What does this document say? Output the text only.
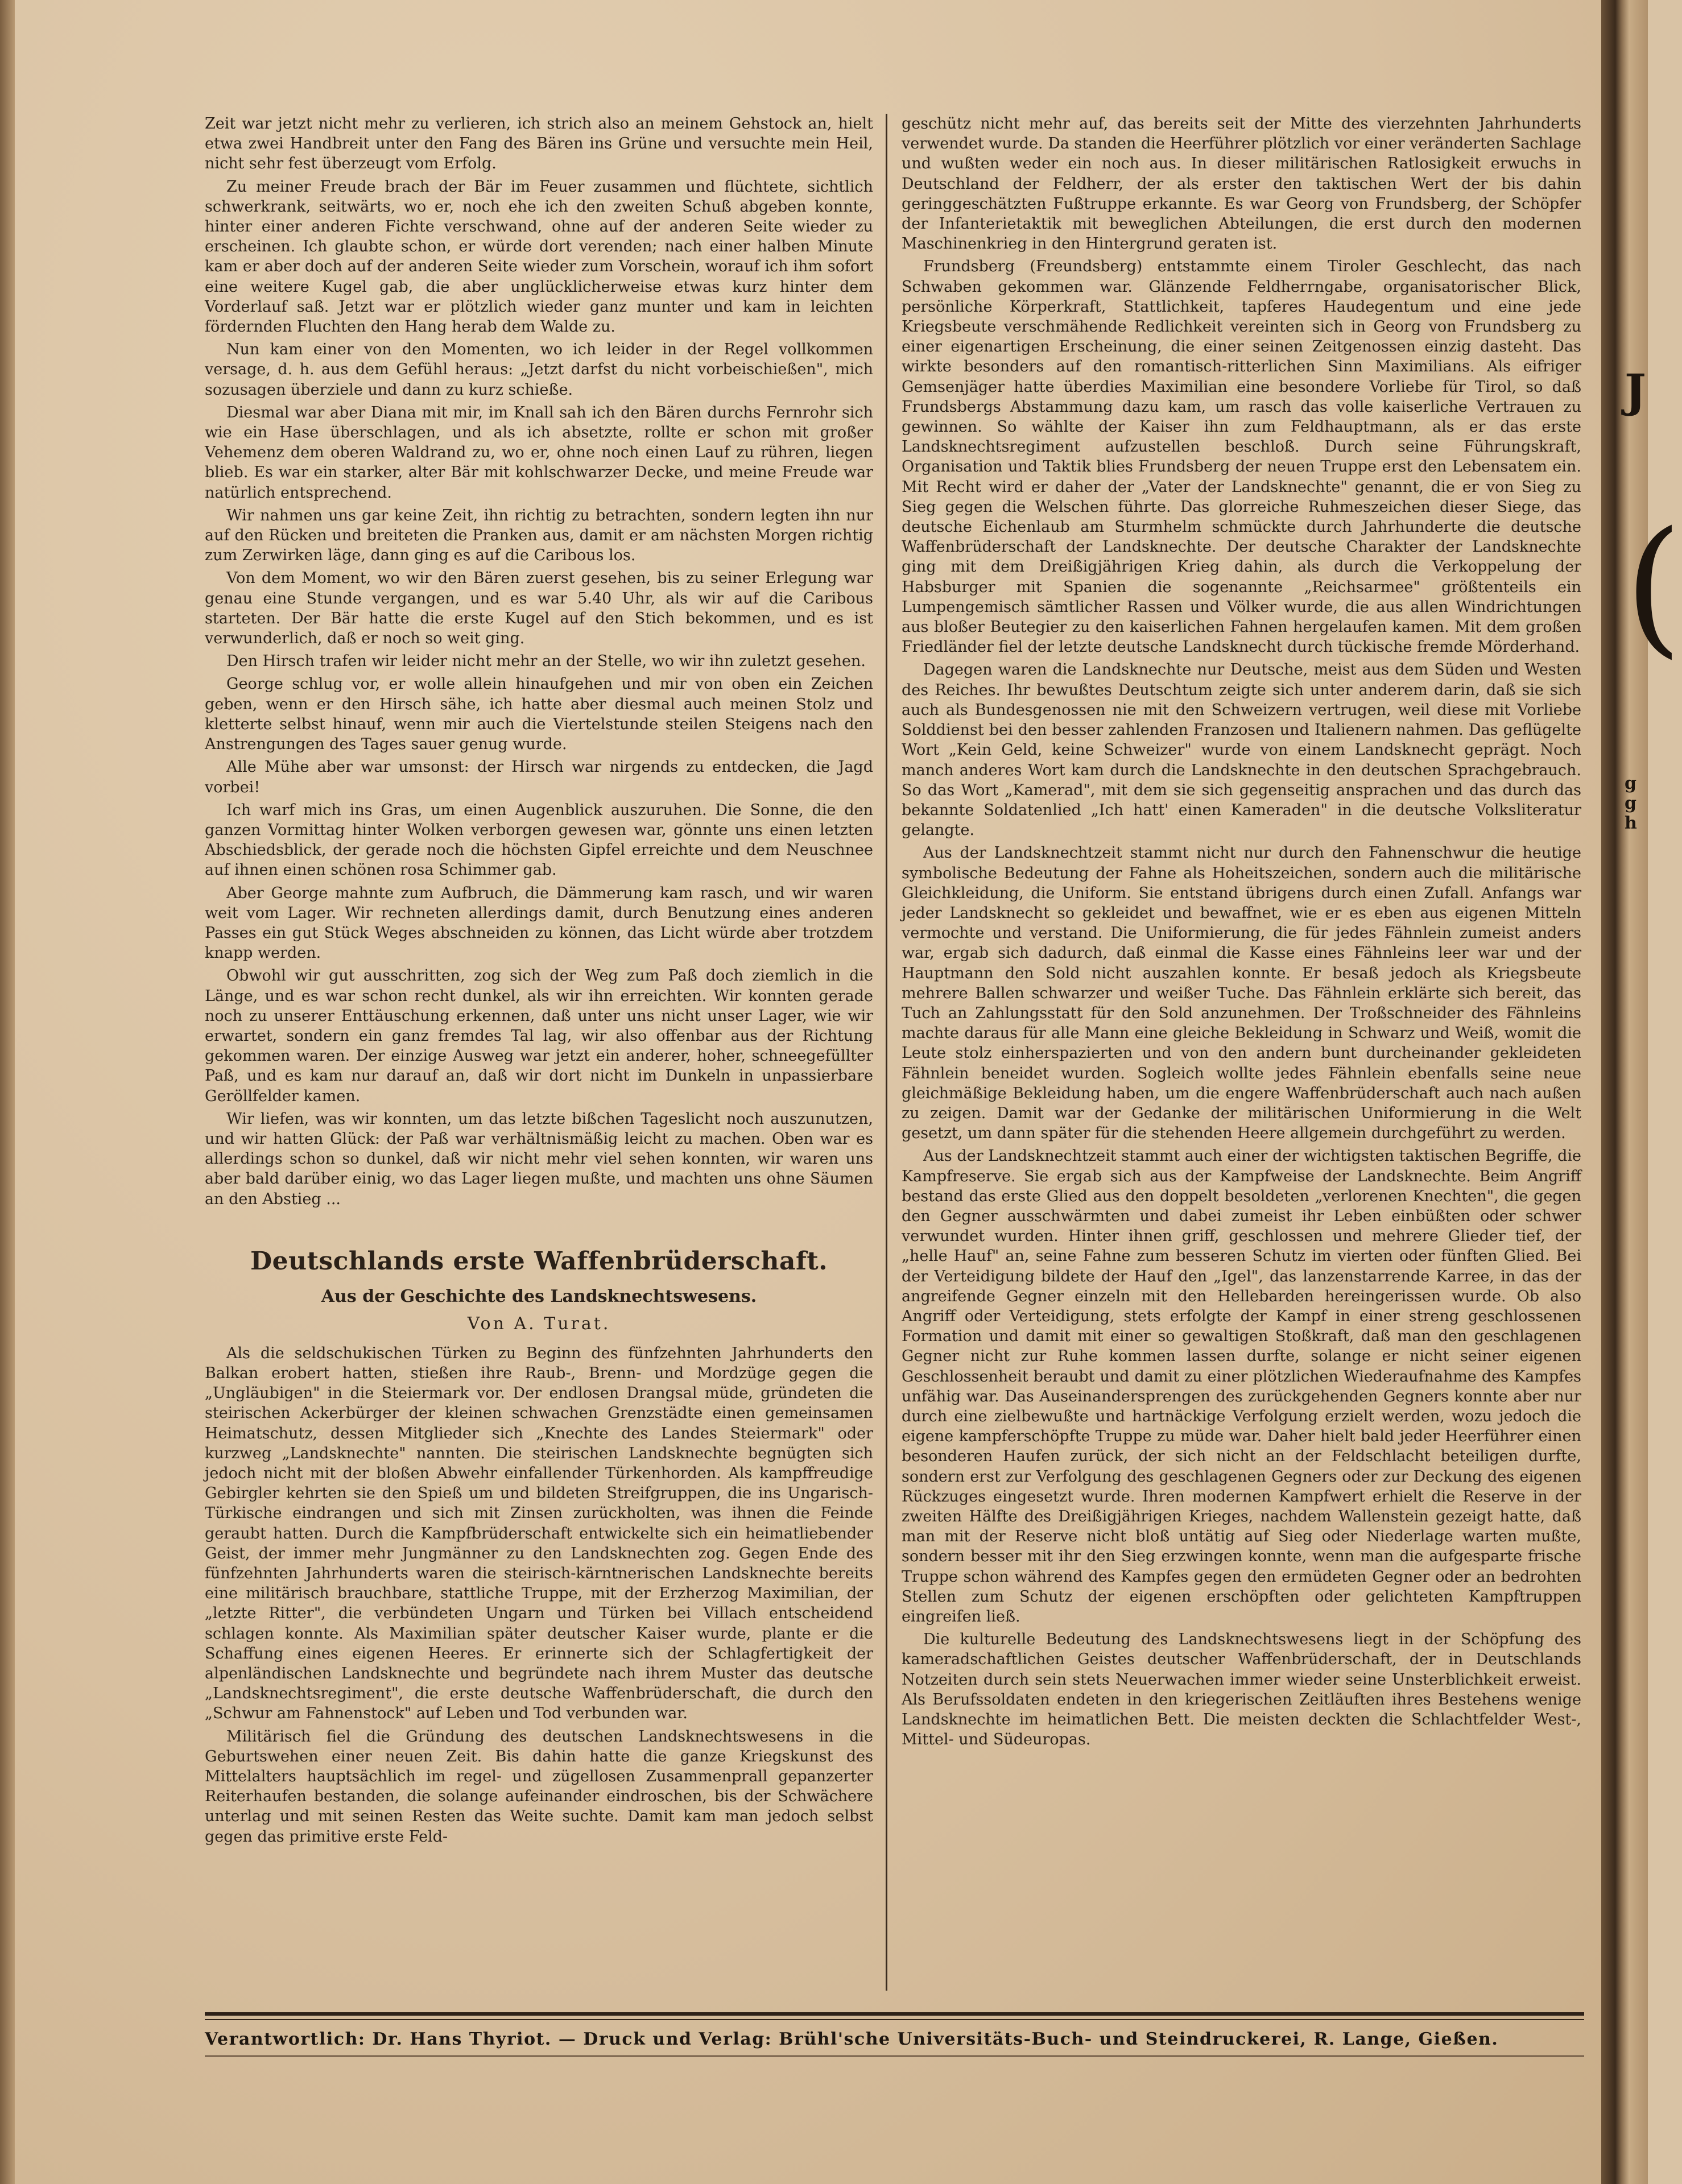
J
(
g
g
h

Zeit war jetzt nicht mehr zu verlieren, ich strich also an meinem Gehstock an, hielt etwa zwei Handbreit unter den Fang des Bären ins Grüne und versuchte mein Heil, nicht sehr fest überzeugt vom Erfolg.

Zu meiner Freude brach der Bär im Feuer zusammen und flüchtete, sichtlich schwerkrank, seitwärts, wo er, noch ehe ich den zweiten Schuß abgeben konnte, hinter einer anderen Fichte verschwand, ohne auf der anderen Seite wieder zu erscheinen. Ich glaubte schon, er würde dort verenden; nach einer halben Minute kam er aber doch auf der anderen Seite wieder zum Vorschein, worauf ich ihm sofort eine weitere Kugel gab, die aber unglücklicherweise etwas kurz hinter dem Vorderlauf saß. Jetzt war er plötzlich wieder ganz munter und kam in leichten fördernden Fluchten den Hang herab dem Walde zu.

Nun kam einer von den Momenten, wo ich leider in der Regel vollkommen versage, d. h. aus dem Gefühl heraus: „Jetzt darfst du nicht vorbeischießen", mich sozusagen überziele und dann zu kurz schieße.

Diesmal war aber Diana mit mir, im Knall sah ich den Bären durchs Fernrohr sich wie ein Hase überschlagen, und als ich absetzte, rollte er schon mit großer Vehemenz dem oberen Waldrand zu, wo er, ohne noch einen Lauf zu rühren, liegen blieb. Es war ein starker, alter Bär mit kohlschwarzer Decke, und meine Freude war natürlich entsprechend.

Wir nahmen uns gar keine Zeit, ihn richtig zu betrachten, sondern legten ihn nur auf den Rücken und breiteten die Pranken aus, damit er am nächsten Morgen richtig zum Zerwirken läge, dann ging es auf die Caribous los.

Von dem Moment, wo wir den Bären zuerst gesehen, bis zu seiner Erlegung war genau eine Stunde vergangen, und es war 5.40 Uhr, als wir auf die Caribous starteten. Der Bär hatte die erste Kugel auf den Stich bekommen, und es ist verwunderlich, daß er noch so weit ging.

Den Hirsch trafen wir leider nicht mehr an der Stelle, wo wir ihn zuletzt gesehen.

George schlug vor, er wolle allein hinaufgehen und mir von oben ein Zeichen geben, wenn er den Hirsch sähe, ich hatte aber diesmal auch meinen Stolz und kletterte selbst hinauf, wenn mir auch die Viertelstunde steilen Steigens nach den Anstrengungen des Tages sauer genug wurde.

Alle Mühe aber war umsonst: der Hirsch war nirgends zu entdecken, die Jagd vorbei!

Ich warf mich ins Gras, um einen Augenblick auszuruhen. Die Sonne, die den ganzen Vormittag hinter Wolken verborgen gewesen war, gönnte uns einen letzten Abschiedsblick, der gerade noch die höchsten Gipfel erreichte und dem Neuschnee auf ihnen einen schönen rosa Schimmer gab.

Aber George mahnte zum Aufbruch, die Dämmerung kam rasch, und wir waren weit vom Lager. Wir rechneten allerdings damit, durch Benutzung eines anderen Passes ein gut Stück Weges abschneiden zu können, das Licht würde aber trotzdem knapp werden.

Obwohl wir gut ausschritten, zog sich der Weg zum Paß doch ziemlich in die Länge, und es war schon recht dunkel, als wir ihn erreichten. Wir konnten gerade noch zu unserer Enttäuschung erkennen, daß unter uns nicht unser Lager, wie wir erwartet, sondern ein ganz fremdes Tal lag, wir also offenbar aus der Richtung gekommen waren. Der einzige Ausweg war jetzt ein anderer, hoher, schneegefüllter Paß, und es kam nur darauf an, daß wir dort nicht im Dunkeln in unpassierbare Geröllfelder kamen.

Wir liefen, was wir konnten, um das letzte bißchen Tageslicht noch auszunutzen, und wir hatten Glück: der Paß war verhältnismäßig leicht zu machen. Oben war es allerdings schon so dunkel, daß wir nicht mehr viel sehen konnten, wir waren uns aber bald darüber einig, wo das Lager liegen mußte, und machten uns ohne Säumen an den Abstieg ...

Deutschlands erste Waffenbrüderschaft.
Aus der Geschichte des Landsknechtswesens.
Von A. Turat.

Als die seldschukischen Türken zu Beginn des fünfzehnten Jahrhunderts den Balkan erobert hatten, stießen ihre Raub-, Brenn- und Mordzüge gegen die „Ungläubigen" in die Steiermark vor. Der endlosen Drangsal müde, gründeten die steirischen Ackerbürger der kleinen schwachen Grenzstädte einen gemeinsamen Heimatschutz, dessen Mitglieder sich „Knechte des Landes Steiermark" oder kurzweg „Landsknechte" nannten. Die steirischen Landsknechte begnügten sich jedoch nicht mit der bloßen Abwehr einfallender Türkenhorden. Als kampffreudige Gebirgler kehrten sie den Spieß um und bildeten Streifgruppen, die ins Ungarisch-Türkische eindrangen und sich mit Zinsen zurückholten, was ihnen die Feinde geraubt hatten. Durch die Kampfbrüderschaft entwickelte sich ein heimatliebender Geist, der immer mehr Jungmänner zu den Landsknechten zog. Gegen Ende des fünfzehnten Jahrhunderts waren die steirisch-kärntnerischen Landsknechte bereits eine militärisch brauchbare, stattliche Truppe, mit der Erzherzog Maximilian, der „letzte Ritter", die verbündeten Ungarn und Türken bei Villach entscheidend schlagen konnte. Als Maximilian später deutscher Kaiser wurde, plante er die Schaffung eines eigenen Heeres. Er erinnerte sich der Schlagfertigkeit der alpenländischen Landsknechte und begründete nach ihrem Muster das deutsche „Landsknechtsregiment", die erste deutsche Waffenbrüderschaft, die durch den „Schwur am Fahnenstock" auf Leben und Tod verbunden war.

Militärisch fiel die Gründung des deutschen Landsknechtswesens in die Geburtswehen einer neuen Zeit. Bis dahin hatte die ganze Kriegskunst des Mittelalters hauptsächlich im regel- und zügellosen Zusammenprall gepanzerter Reiterhaufen bestanden, die solange aufeinander eindroschen, bis der Schwächere unterlag und mit seinen Resten das Weite suchte. Damit kam man jedoch selbst gegen das primitive erste Feld-

geschütz nicht mehr auf, das bereits seit der Mitte des vierzehnten Jahrhunderts verwendet wurde. Da standen die Heerführer plötzlich vor einer veränderten Sachlage und wußten weder ein noch aus. In dieser militärischen Ratlosigkeit erwuchs in Deutschland der Feldherr, der als erster den taktischen Wert der bis dahin geringgeschätzten Fußtruppe erkannte. Es war Georg von Frundsberg, der Schöpfer der Infanterietaktik mit beweglichen Abteilungen, die erst durch den modernen Maschinenkrieg in den Hintergrund geraten ist.

Frundsberg (Freundsberg) entstammte einem Tiroler Geschlecht, das nach Schwaben gekommen war. Glänzende Feldherrngabe, organisatorischer Blick, persönliche Körperkraft, Stattlichkeit, tapferes Haudegentum und eine jede Kriegsbeute verschmähende Redlichkeit vereinten sich in Georg von Frundsberg zu einer eigenartigen Erscheinung, die einer seinen Zeitgenossen einzig dasteht. Das wirkte besonders auf den romantisch-ritterlichen Sinn Maximilians. Als eifriger Gemsenjäger hatte überdies Maximilian eine besondere Vorliebe für Tirol, so daß Frundsbergs Abstammung dazu kam, um rasch das volle kaiserliche Vertrauen zu gewinnen. So wählte der Kaiser ihn zum Feldhauptmann, als er das erste Landsknechtsregiment aufzustellen beschloß. Durch seine Führungskraft, Organisation und Taktik blies Frundsberg der neuen Truppe erst den Lebensatem ein. Mit Recht wird er daher der „Vater der Landsknechte" genannt, die er von Sieg zu Sieg gegen die Welschen führte. Das glorreiche Ruhmeszeichen dieser Siege, das deutsche Eichenlaub am Sturmhelm schmückte durch Jahrhunderte die deutsche Waffenbrüderschaft der Landsknechte. Der deutsche Charakter der Landsknechte ging mit dem Dreißigjährigen Krieg dahin, als durch die Verkoppelung der Habsburger mit Spanien die sogenannte „Reichsarmee" größtenteils ein Lumpengemisch sämtlicher Rassen und Völker wurde, die aus allen Windrichtungen aus bloßer Beutegier zu den kaiserlichen Fahnen hergelaufen kamen. Mit dem großen Friedländer fiel der letzte deutsche Landsknecht durch tückische fremde Mörderhand.

Dagegen waren die Landsknechte nur Deutsche, meist aus dem Süden und Westen des Reiches. Ihr bewußtes Deutschtum zeigte sich unter anderem darin, daß sie sich auch als Bundesgenossen nie mit den Schweizern vertrugen, weil diese mit Vorliebe Solddienst bei den besser zahlenden Franzosen und Italienern nahmen. Das geflügelte Wort „Kein Geld, keine Schweizer" wurde von einem Landsknecht geprägt. Noch manch anderes Wort kam durch die Landsknechte in den deutschen Sprachgebrauch. So das Wort „Kamerad", mit dem sie sich gegenseitig ansprachen und das durch das bekannte Soldatenlied „Ich hatt' einen Kameraden" in die deutsche Volksliteratur gelangte.

Aus der Landsknechtzeit stammt nicht nur durch den Fahnenschwur die heutige symbolische Bedeutung der Fahne als Hoheitszeichen, sondern auch die militärische Gleichkleidung, die Uniform. Sie entstand übrigens durch einen Zufall. Anfangs war jeder Landsknecht so gekleidet und bewaffnet, wie er es eben aus eigenen Mitteln vermochte und verstand. Die Uniformierung, die für jedes Fähnlein zumeist anders war, ergab sich dadurch, daß einmal die Kasse eines Fähnleins leer war und der Hauptmann den Sold nicht auszahlen konnte. Er besaß jedoch als Kriegsbeute mehrere Ballen schwarzer und weißer Tuche. Das Fähnlein erklärte sich bereit, das Tuch an Zahlungsstatt für den Sold anzunehmen. Der Troßschneider des Fähnleins machte daraus für alle Mann eine gleiche Bekleidung in Schwarz und Weiß, womit die Leute stolz einherspazierten und von den andern bunt durcheinander gekleideten Fähnlein beneidet wurden. Sogleich wollte jedes Fähnlein ebenfalls seine neue gleichmäßige Bekleidung haben, um die engere Waffenbrüderschaft auch nach außen zu zeigen. Damit war der Gedanke der militärischen Uniformierung in die Welt gesetzt, um dann später für die stehenden Heere allgemein durchgeführt zu werden.

Aus der Landsknechtzeit stammt auch einer der wichtigsten taktischen Begriffe, die Kampfreserve. Sie ergab sich aus der Kampfweise der Landsknechte. Beim Angriff bestand das erste Glied aus den doppelt besoldeten „verlorenen Knechten", die gegen den Gegner ausschwärmten und dabei zumeist ihr Leben einbüßten oder schwer verwundet wurden. Hinter ihnen griff, geschlossen und mehrere Glieder tief, der „helle Hauf" an, seine Fahne zum besseren Schutz im vierten oder fünften Glied. Bei der Verteidigung bildete der Hauf den „Igel", das lanzenstarrende Karree, in das der angreifende Gegner einzeln mit den Hellebarden hereingerissen wurde. Ob also Angriff oder Verteidigung, stets erfolgte der Kampf in einer streng geschlossenen Formation und damit mit einer so gewaltigen Stoßkraft, daß man den geschlagenen Gegner nicht zur Ruhe kommen lassen durfte, solange er nicht seiner eigenen Geschlossenheit beraubt und damit zu einer plötzlichen Wiederaufnahme des Kampfes unfähig war. Das Auseinandersprengen des zurückgehenden Gegners konnte aber nur durch eine zielbewußte und hartnäckige Verfolgung erzielt werden, wozu jedoch die eigene kampferschöpfte Truppe zu müde war. Daher hielt bald jeder Heerführer einen besonderen Haufen zurück, der sich nicht an der Feldschlacht beteiligen durfte, sondern erst zur Verfolgung des geschlagenen Gegners oder zur Deckung des eigenen Rückzuges eingesetzt wurde. Ihren modernen Kampfwert erhielt die Reserve in der zweiten Hälfte des Dreißigjährigen Krieges, nachdem Wallenstein gezeigt hatte, daß man mit der Reserve nicht bloß untätig auf Sieg oder Niederlage warten mußte, sondern besser mit ihr den Sieg erzwingen konnte, wenn man die aufgesparte frische Truppe schon während des Kampfes gegen den ermüdeten Gegner oder an bedrohten Stellen zum Schutz der eigenen erschöpften oder gelichteten Kampftruppen eingreifen ließ.

Die kulturelle Bedeutung des Landsknechtswesens liegt in der Schöpfung des kameradschaftlichen Geistes deutscher Waffenbrüderschaft, der in Deutschlands Notzeiten durch sein stets Neuerwachen immer wieder seine Unsterblichkeit erweist. Als Berufssoldaten endeten in den kriegerischen Zeitläuften ihres Bestehens wenige Landsknechte im heimatlichen Bett. Die meisten deckten die Schlachtfelder West-, Mittel- und Südeuropas.

Verantwortlich: Dr. Hans Thyriot. — Druck und Verlag: Brühl'sche Universitäts-Buch- und Steindruckerei, R. Lange, Gießen.
